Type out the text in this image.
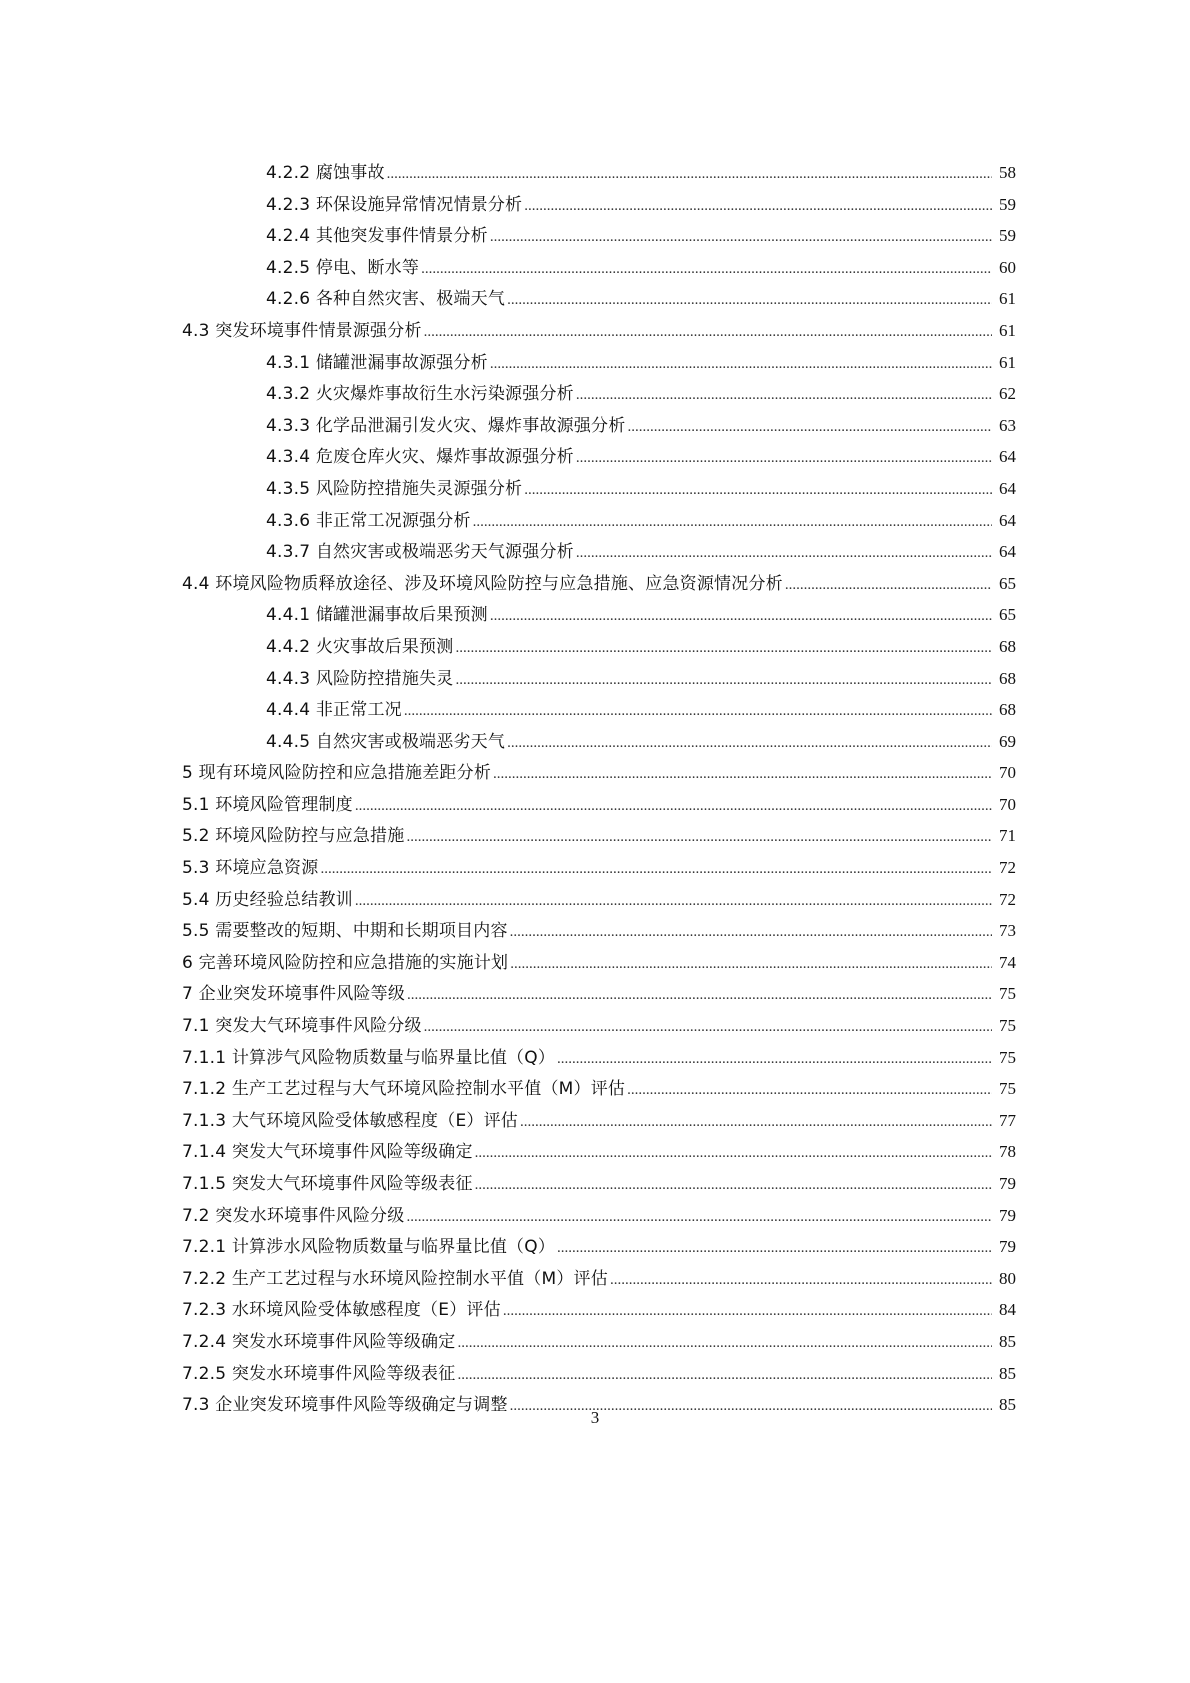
4.2.2 腐蚀事故 .....	58
4.2.3 环保设施异常情况情景分析 .....	59
4.2.4 其他突发事件情景分析 .....	59
4.2.5 停电、断水等 .....	60
4.2.6 各种自然灾害、极端天气 .....	61
4.3 突发环境事件情景源强分析 .....	61
4.3.1 储罐泄漏事故源强分析 .....	61
4.3.2 火灾爆炸事故衍生水污染源强分析 .....	62
4.3.3 化学品泄漏引发火灾、爆炸事故源强分析 .....	63
4.3.4 危废仓库火灾、爆炸事故源强分析 .....	64
4.3.5 风险防控措施失灵源强分析 .....	64
4.3.6 非正常工况源强分析 .....	64
4.3.7 自然灾害或极端恶劣天气源强分析 .....	64
4.4 环境风险物质释放途径、涉及环境风险防控与应急措施、应急资源情况分析 .....	65
4.4.1 储罐泄漏事故后果预测 .....	65
4.4.2 火灾事故后果预测 .....	68
4.4.3 风险防控措施失灵 .....	68
4.4.4 非正常工况 .....	68
4.4.5 自然灾害或极端恶劣天气 .....	69
5 现有环境风险防控和应急措施差距分析 .....	70
5.1 环境风险管理制度 .....	70
5.2 环境风险防控与应急措施 .....	71
5.3 环境应急资源 .....	72
5.4 历史经验总结教训 .....	72
5.5 需要整改的短期、中期和长期项目内容 .....	73
6 完善环境风险防控和应急措施的实施计划 .....	74
7 企业突发环境事件风险等级 .....	75
7.1 突发大气环境事件风险分级 .....	75
7.1.1 计算涉气风险物质数量与临界量比值（Q） .....	75
7.1.2 生产工艺过程与大气环境风险控制水平值（M）评估 .....	75
7.1.3 大气环境风险受体敏感程度（E）评估 .....	77
7.1.4 突发大气环境事件风险等级确定 .....	78
7.1.5 突发大气环境事件风险等级表征 .....	79
7.2 突发水环境事件风险分级 .....	79
7.2.1 计算涉水风险物质数量与临界量比值（Q） .....	79
7.2.2 生产工艺过程与水环境风险控制水平值（M）评估 .....	80
7.2.3 水环境风险受体敏感程度（E）评估 .....	84
7.2.4 突发水环境事件风险等级确定 .....	85
7.2.5 突发水环境事件风险等级表征 .....	85
7.3 企业突发环境事件风险等级确定与调整 .....	85
3
